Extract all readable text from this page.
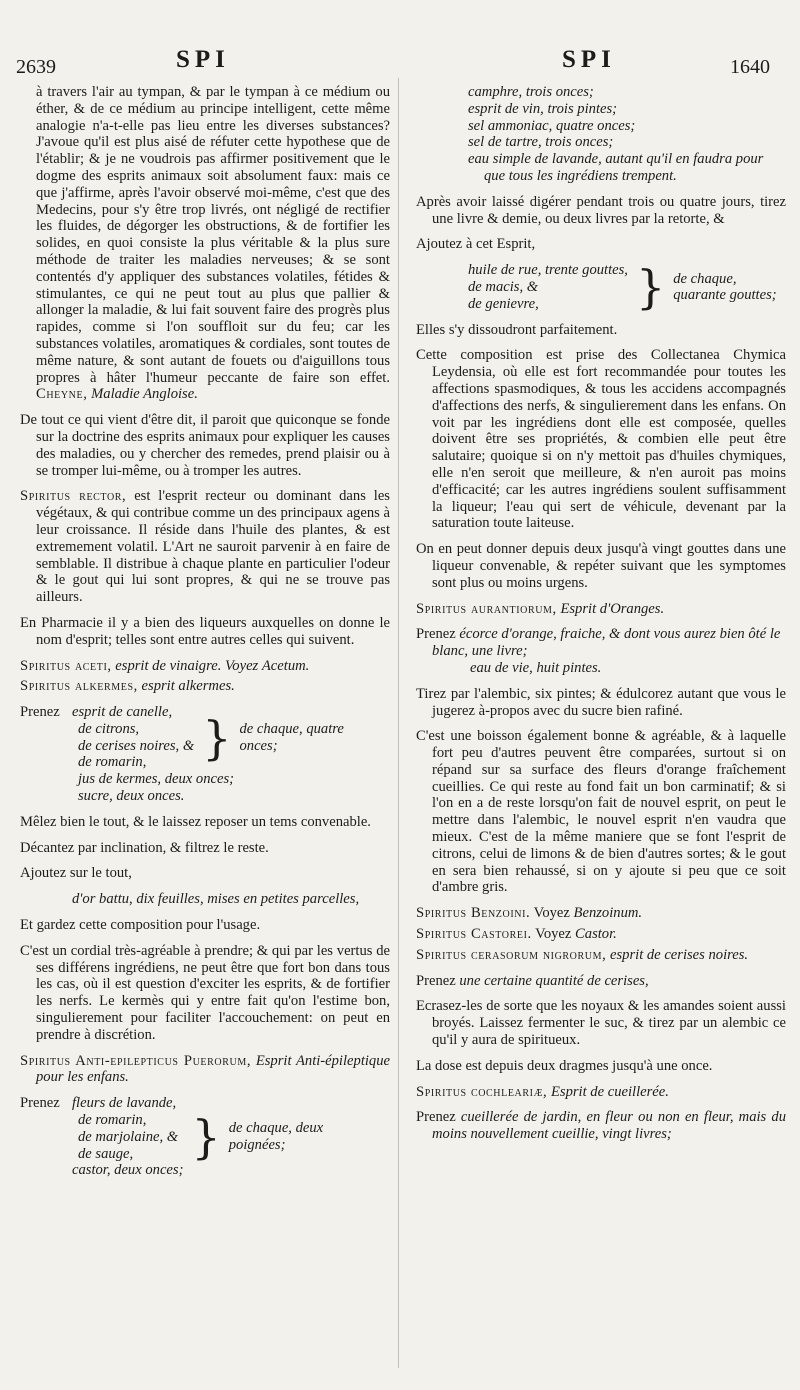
2639	SPI	SPI	1640

à travers l'air au tympan, & par le tympan à ce médium ou éther, & de ce médium au principe intelligent, cette même analogie n'a-t-elle pas lieu entre les diverses substances? J'avoue qu'il est plus aisé de réfuter cette hypothese que de l'établir; & je ne voudrois pas affirmer positivement que le dogme des esprits animaux soit absolument faux: mais ce que j'affirme, après l'avoir observé moi-même, c'est que des Medecins, pour s'y être trop livrés, ont négligé de rectifier les fluides, de dégorger les obstructions, & de fortifier les solides, en quoi consiste la plus véritable & la plus sure méthode de traiter les maladies nerveuses; & se sont contentés d'y appliquer des substances volatiles, fétides & stimulantes, ce qui ne peut tout au plus que pallier & allonger la maladie, & lui fait souvent faire des progrès plus rapides, comme si l'on souffloit sur du feu; car les substances volatiles, aromatiques & cordiales, sont toutes de même nature, & sont autant de fouets ou d'aiguillons tous propres à hâter l'humeur peccante de faire son effet. Cheyne, Maladie Angloise.

De tout ce qui vient d'être dit, il paroit que quiconque se fonde sur la doctrine des esprits animaux pour expliquer les causes des maladies, ou y chercher des remedes, prend plaisir ou à se tromper lui-même, ou à tromper les autres.

Spiritus rector, est l'esprit recteur ou dominant dans les végétaux, & qui contribue comme un des principaux agens à leur croissance. Il réside dans l'huile des plantes, & est extremement volatil. L'Art ne sauroit parvenir à en faire de semblable. Il distribue à chaque plante en particulier l'odeur & le gout qui lui sont propres, & qui ne se trouve pas ailleurs.

En Pharmacie il y a bien des liqueurs auxquelles on donne le nom d'esprit; telles sont entre autres celles qui suivent.

Spiritus aceti, esprit de vinaigre. Voyez Acetum.

Spiritus alkermes, esprit alkermes.

Prenez esprit de canelle,
de citrons,
de cerises noires, &
de romarin,	} de chaque, quatre onces;
jus de kermes, deux onces;
sucre, deux onces.

Mêlez bien le tout, & le laissez reposer un tems convenable.

Décantez par inclination, & filtrez le reste.

Ajoutez sur le tout,

d'or battu, dix feuilles, mises en petites parcelles,

Et gardez cette composition pour l'usage.

C'est un cordial très-agréable à prendre; & qui par les vertus de ses différens ingrédiens, ne peut être que fort bon dans tous les cas, où il est question d'exciter les esprits, & de fortifier les nerfs. Le kermès qui y entre fait qu'on l'estime bon, singulierement pour faciliter l'accouchement: on peut en prendre à discrétion.

Spiritus Anti-epilepticus Puerorum, Esprit Anti-épileptique pour les enfans.

Prenez fleurs de lavande,
de romarin,
de marjolaine, &
de sauge,
castor, deux onces;
} de chaque, deux poignées;
camphre, trois onces;
esprit de vin, trois pintes;
sel ammoniac, quatre onces;
sel de tartre, trois onces;
eau simple de lavande, autant qu'il en faudra pour que tous les ingrédiens trempent.

Après avoir laissé digérer pendant trois ou quatre jours, tirez une livre & demie, ou deux livres par la retorte, &

Ajoutez à cet Esprit,

huile de rue, trente gouttes,
de macis, &
de genievre,	} de chaque, quarante gouttes;

Elles s'y dissoudront parfaitement.

Cette composition est prise des Collectanea Chymica Leydensia, où elle est fort recommandée pour toutes les affections spasmodiques, & tous les accidens accompagnés d'affections des nerfs, & singulierement dans les enfans. On voit par les ingrédiens dont elle est composée, quelles doivent être ses propriétés, & combien elle peut être salutaire; quoique si on n'y mettoit pas d'huiles chymiques, elle n'en seroit que meilleure, & n'en auroit pas moins d'efficacité; car les autres ingrédiens soulent suffisamment la liqueur; l'eau qui sert de véhicule, devenant par la saturation toute laiteuse.

On en peut donner depuis deux jusqu'à vingt gouttes dans une liqueur convenable, & repéter suivant que les symptomes sont plus ou moins urgens.

Spiritus aurantiorum, Esprit d'Oranges.

Prenez écorce d'orange, fraiche, & dont vous aurez bien ôté le blanc, une livre;
eau de vie, huit pintes.

Tirez par l'alembic, six pintes; & édulcorez autant que vous le jugerez à-propos avec du sucre bien rafiné.

C'est une boisson également bonne & agréable, & à laquelle fort peu d'autres peuvent être comparées, surtout si on répand sur sa surface des fleurs d'orange fraîchement cueillies. Ce qui reste au fond fait un bon carminatif; & si l'on en a de reste lorsqu'on fait de nouvel esprit, on peut le mettre dans l'alembic, le nouvel esprit n'en vaudra que mieux. C'est de la même maniere que se font l'esprit de citrons, celui de limons & de bien d'autres sortes; & le gout en sera bien rehaussé, si on y ajoute si peu que ce soit d'ambre gris.

Spiritus Benzoini. Voyez Benzoinum.

Spiritus Castorei. Voyez Castor.

Spiritus cerasorum nigrorum, esprit de cerises noires.

Prenez une certaine quantité de cerises,

Ecrasez-les de sorte que les noyaux & les amandes soient aussi broyés. Laissez fermenter le suc, & tirez par un alembic ce qu'il y aura de spiritueux.

La dose est depuis deux dragmes jusqu'à une once.

Spiritus cochleariæ, Esprit de cueillerée.

Prenez cueillerée de jardin, en fleur ou non en fleur, mais du moins nouvellement cueillie, vingt livres;
